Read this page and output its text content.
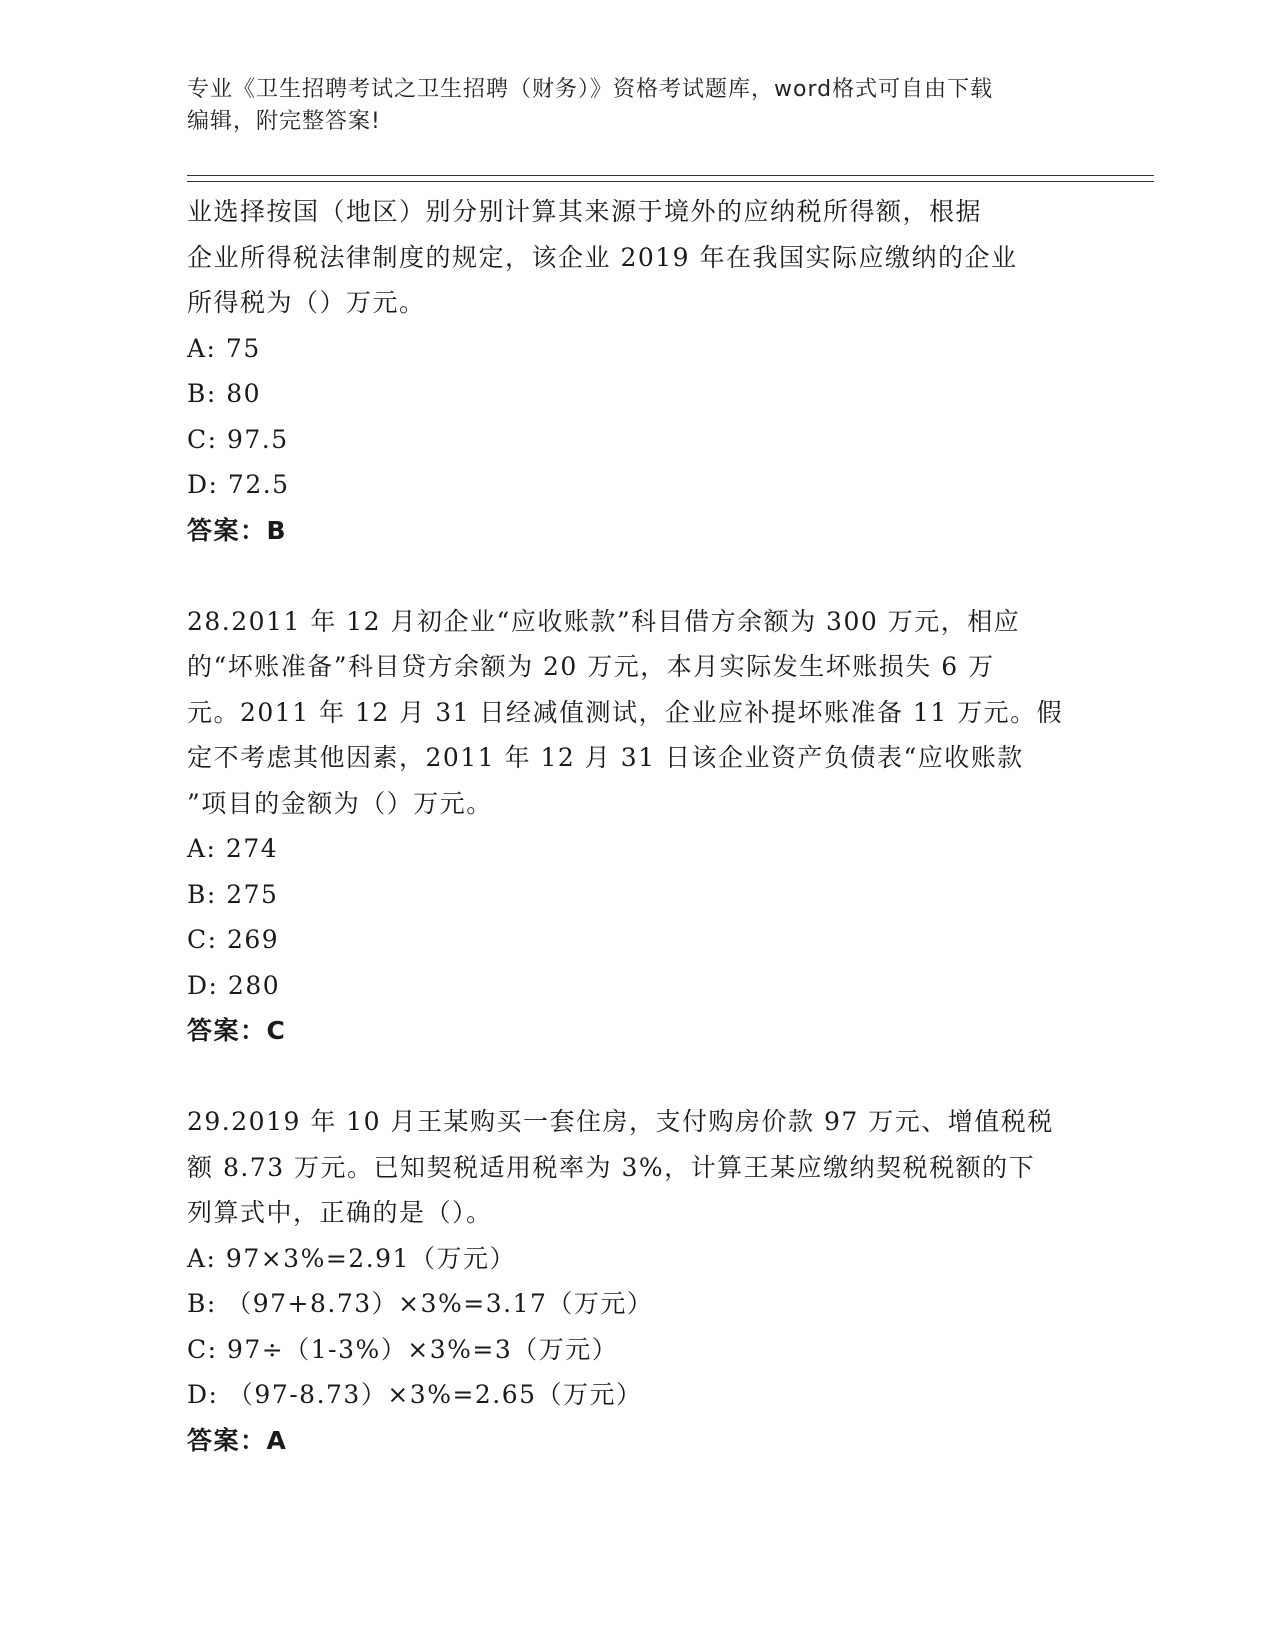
专业《卫生招聘考试之卫生招聘（财务）》资格考试题库，word格式可自由下载
编辑，附完整答案!
业选择按国（地区）别分别计算其来源于境外的应纳税所得额，根据
企业所得税法律制度的规定，该企业 2019 年在我国实际应缴纳的企业
所得税为（）万元。
A: 75
B: 80
C: 97.5
D: 72.5
答案：B
28.2011 年 12 月初企业“应收账款”科目借方余额为 300 万元，相应
的“坏账准备”科目贷方余额为 20 万元，本月实际发生坏账损失 6 万
元。2011 年 12 月 31 日经减值测试，企业应补提坏账准备 11 万元。假
定不考虑其他因素，2011 年 12 月 31 日该企业资产负债表“应收账款
”项目的金额为（）万元。
A: 274
B: 275
C: 269
D: 280
答案：C
29.2019 年 10 月王某购买一套住房，支付购房价款 97 万元、增值税税
额 8.73 万元。已知契税适用税率为 3%，计算王某应缴纳契税税额的下
列算式中，正确的是（）。
A: 97×3%=2.91（万元）
B: （97+8.73）×3%=3.17（万元）
C: 97÷（1-3%）×3%=3（万元）
D: （97-8.73）×3%=2.65（万元）
答案：A
